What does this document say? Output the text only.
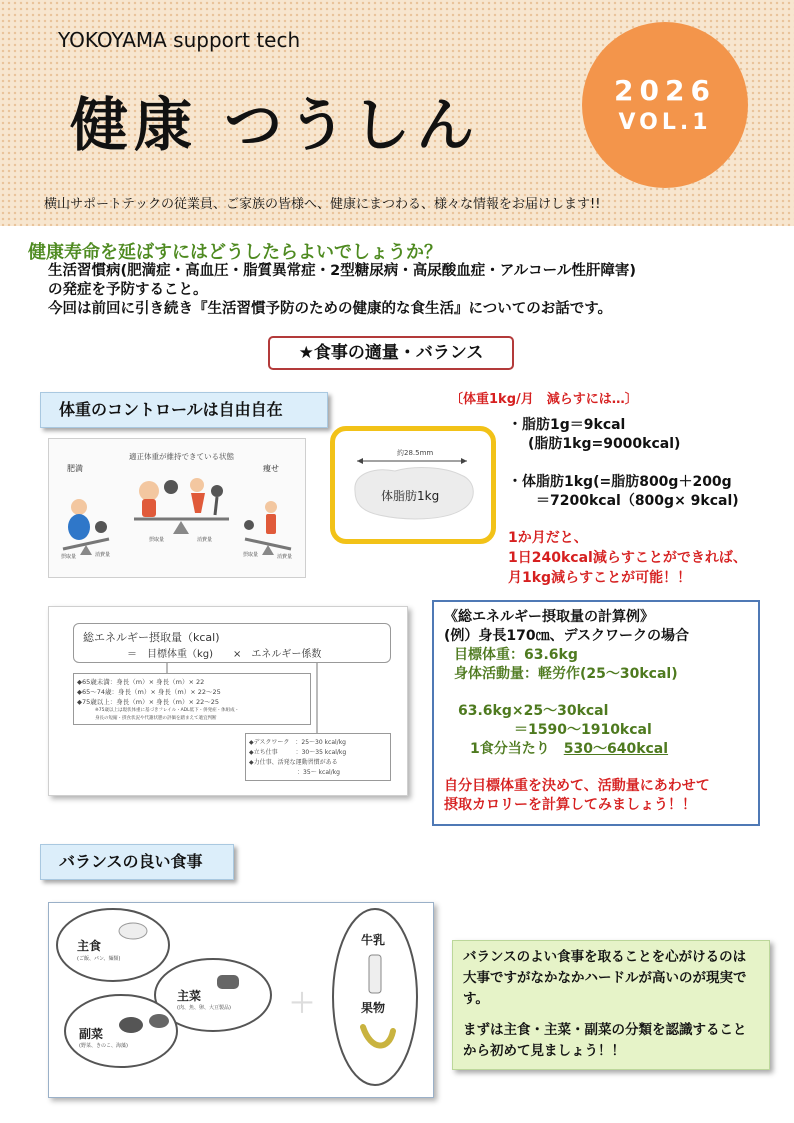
YOKOYAMA support tech
健康 つうしん
2026
VOL.1
横山サポートテックの従業員、ご家族の皆様へ、健康にまつわる、様々な情報をお届けします!!
健康寿命を延ばすにはどうしたらよいでしょうか？
生活習慣病(肥満症・高血圧・脂質異常症・2型糖尿病・高尿酸血症・アルコール性肝障害)
の発症を予防すること。
今回は前回に引き続き『生活習慣予防のための健康的な食生活』についてのお話です。
★食事の適量・バランス
体重のコントロールは自由自在
適正体重が維持できている状態
肥満	痩せ
摂取量	消費量
摂取量	消費量
摂取量	消費量
約28.5mm
体脂肪1kg
〔体重1kg/月　減らすには…〕
・脂肪1g＝9kcal
(脂肪1kg=9000kcal)
・体脂肪1kg(=脂肪800g＋200g
＝7200kcal（800g× 9kcal)
1か月だと、
1日240kcal減らすことができれば、
月1kg減らすことが可能！！
総エネルギー摂取量（kcal)
＝　目標体重（kg)　　×　エネルギー係数
◆65歳未満：身長（m）× 身長（m）× 22
◆65～74歳：身長（m）× 身長（m）× 22～25
◆75歳以上：身長（m）× 身長（m）× 22～25
※75歳以上は現状体重に基づきフレイル・ADL低下・併発症・体組成・
身長の短縮・摂食状況や代謝状態の評価を踏まえて適宜判断
◆デスクワーク　：25～30 kcal/kg
◆立ち仕事　　　：30～35 kcal/kg
◆力仕事、活発な運動習慣がある
　　　　　　　　：35～ kcal/kg
《総エネルギー摂取量の計算例》
(例）身長170㎝、デスクワークの場合
目標体重：63.6kg
身体活動量：軽労作(25～30kcal)
63.6kg×25～30kcal
＝1590～1910kcal
1食分当たり　 530～640kcal
自分目標体重を決めて、活動量にあわせて
摂取カロリーを計算してみましょう！！
バランスの良い食事
主食
(ご飯、パン、麺類)
主菜
(肉、魚、卵、大豆製品)
副菜
(野菜、きのこ、海藻)
＋
牛乳
果物
バランスのよい食事を取ることを心がけるのは大事ですがなかなかハードルが高いのが現実です。
まずは主食・主菜・副菜の分類を認識することから初めて見ましょう！！
